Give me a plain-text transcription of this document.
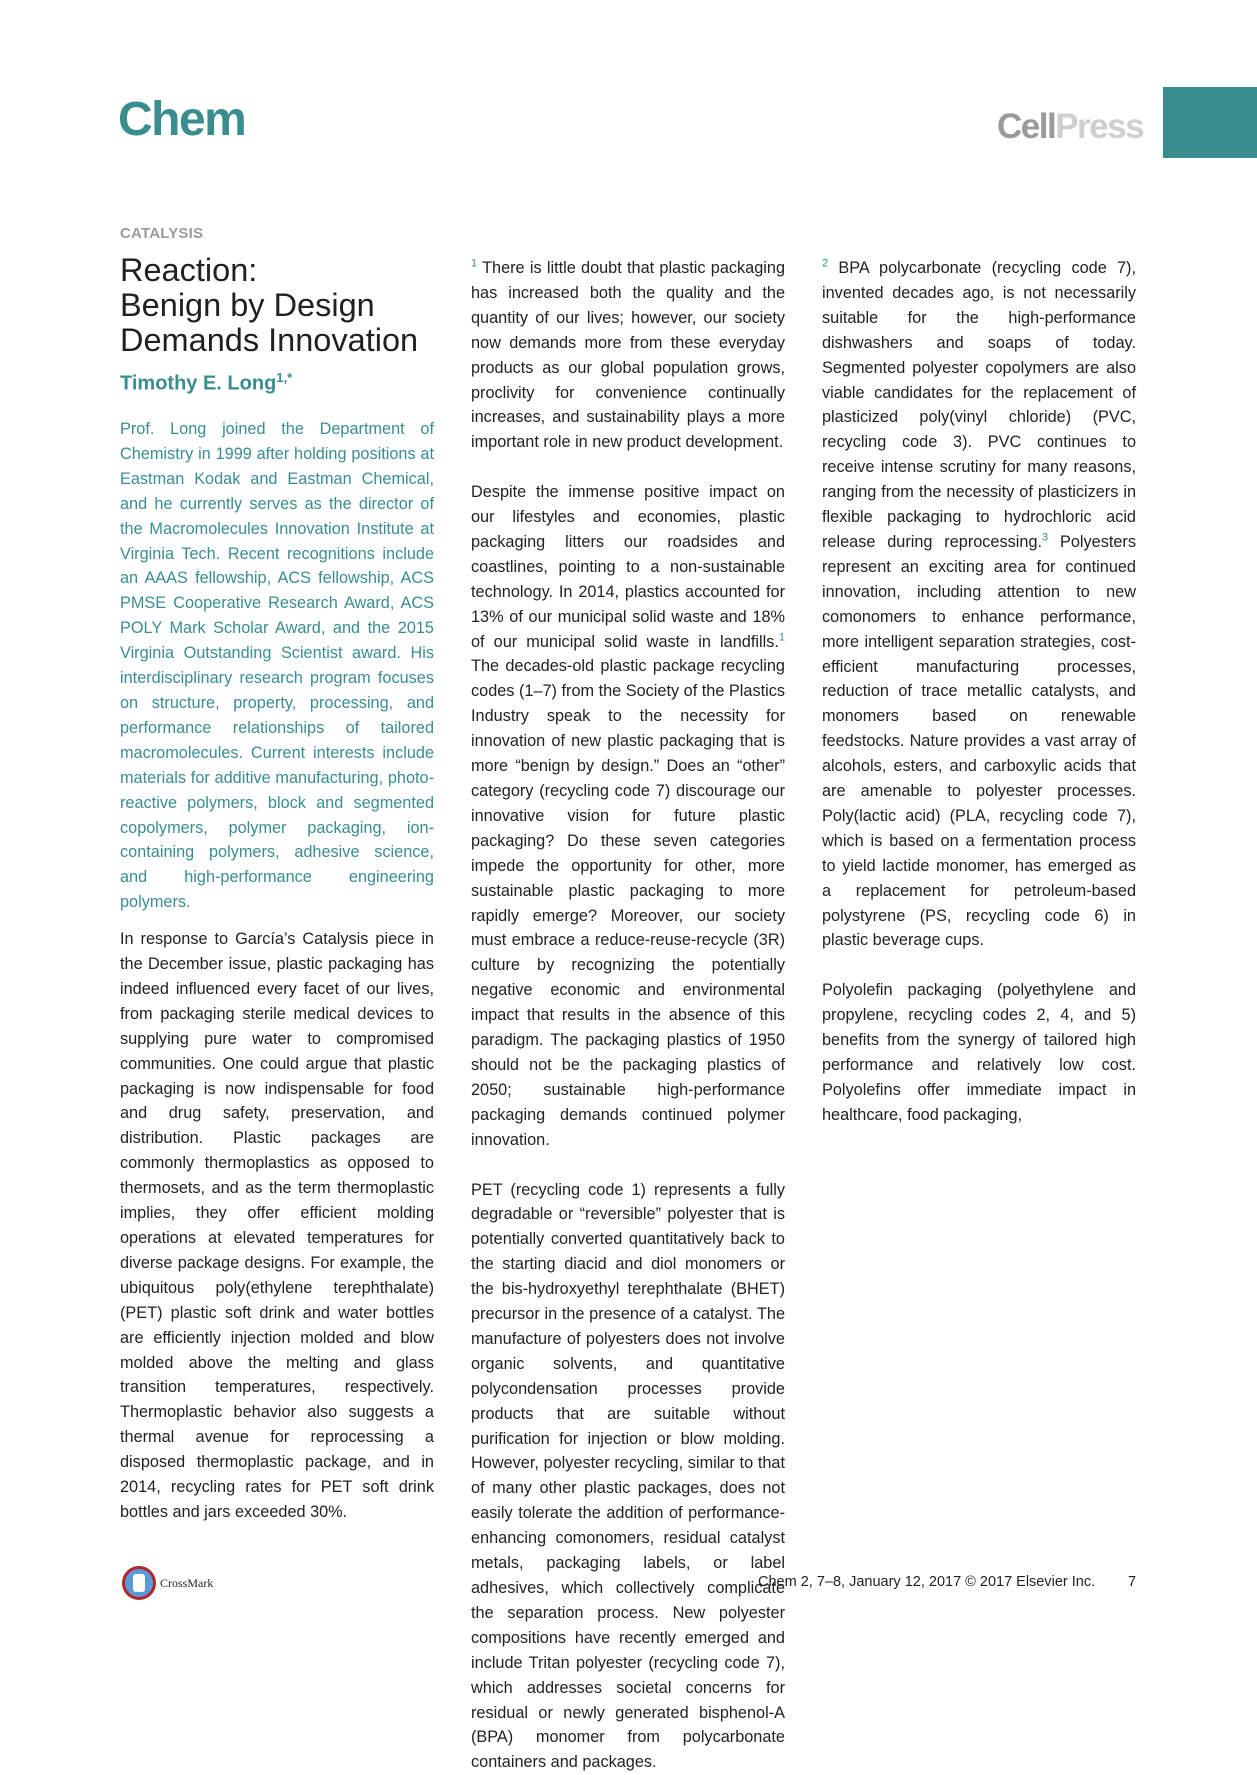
Chem	CellPress
CATALYSIS
Reaction:
Benign by Design
Demands Innovation
Timothy E. Long$^{1,*}$

Prof. Long joined the Department of Chemistry in 1999 after holding positions at Eastman Kodak and Eastman Chemical, and he currently serves as the director of the Macromolecules Innovation Institute at Virginia Tech. Recent recognitions include an AAAS fellowship, ACS fellowship, ACS PMSE Cooperative Research Award, ACS POLY Mark Scholar Award, and the 2015 Virginia Outstanding Scientist award. His interdisciplinary research program focuses on structure, property, processing, and performance relationships of tailored macromolecules. Current interests include materials for additive manufacturing, photo-reactive polymers, block and segmented copolymers, polymer packaging, ion-containing polymers, adhesive science, and high-performance engineering polymers.

In response to García’s Catalysis piece in the December issue, plastic packaging has indeed influenced every facet of our lives, from packaging sterile medical devices to supplying pure water to compromised communities. One could argue that plastic packaging is now indispensable for food and drug safety, preservation, and distribution. Plastic packages are commonly thermoplastics as opposed to thermosets, and as the term thermoplastic implies, they offer efficient molding operations at elevated temperatures for diverse package designs. For example, the ubiquitous poly(ethylene terephthalate) (PET) plastic soft drink and water bottles are efficiently injection molded and blow molded above the melting and glass transition temperatures, respectively. Thermoplastic behavior also suggests a thermal avenue for reprocessing a disposed thermoplastic package, and in 2014, recycling rates for PET soft drink bottles and jars exceeded 30%.

$^1$ There is little doubt that plastic packaging has increased both the quality and the quantity of our lives; however, our society now demands more from these everyday products as our global population grows, proclivity for convenience continually increases, and sustainability plays a more important role in new product development.

Despite the immense positive impact on our lifestyles and economies, plastic packaging litters our roadsides and coastlines, pointing to a non-sustainable technology. In 2014, plastics accounted for 13% of our municipal solid waste and 18% of our municipal solid waste in landfills.$^1$ The decades-old plastic package recycling codes (1–7) from the Society of the Plastics Industry speak to the necessity for innovation of new plastic packaging that is more “benign by design.” Does an “other” category (recycling code 7) discourage our innovative vision for future plastic packaging? Do these seven categories impede the opportunity for other, more sustainable plastic packaging to more rapidly emerge? Moreover, our society must embrace a reduce-reuse-recycle (3R) culture by recognizing the potentially negative economic and environmental impact that results in the absence of this paradigm. The packaging plastics of 1950 should not be the packaging plastics of 2050; sustainable high-performance packaging demands continued polymer innovation.

PET (recycling code 1) represents a fully degradable or “reversible” polyester that is potentially converted quantitatively back to the starting diacid and diol monomers or the bis-hydroxyethyl terephthalate (BHET) precursor in the presence of a catalyst. The manufacture of polyesters does not involve organic solvents, and quantitative polycondensation processes provide products that are suitable without purification for injection or blow molding. However, polyester recycling, similar to that of many other plastic packages, does not easily tolerate the addition of performance-enhancing comonomers, residual catalyst metals, packaging labels, or label adhesives, which collectively complicate the separation process. New polyester compositions have recently emerged and include Tritan polyester (recycling code 7), which addresses societal concerns for residual or newly generated bisphenol-A (BPA) monomer from polycarbonate containers and packages.

$^2$ BPA polycarbonate (recycling code 7), invented decades ago, is not necessarily suitable for the high-performance dishwashers and soaps of today. Segmented polyester copolymers are also viable candidates for the replacement of plasticized poly(vinyl chloride) (PVC, recycling code 3). PVC continues to receive intense scrutiny for many reasons, ranging from the necessity of plasticizers in flexible packaging to hydrochloric acid release during reprocessing.$^3$ Polyesters represent an exciting area for continued innovation, including attention to new comonomers to enhance performance, more intelligent separation strategies, cost-efficient manufacturing processes, reduction of trace metallic catalysts, and monomers based on renewable feedstocks. Nature provides a vast array of alcohols, esters, and carboxylic acids that are amenable to polyester processes. Poly(lactic acid) (PLA, recycling code 7), which is based on a fermentation process to yield lactide monomer, has emerged as a replacement for petroleum-based polystyrene (PS, recycling code 6) in plastic beverage cups.

Polyolefin packaging (polyethylene and propylene, recycling codes 2, 4, and 5) benefits from the synergy of tailored high performance and relatively low cost. Polyolefins offer immediate impact in healthcare, food packaging,

CrossMark	Chem 2, 7–8, January 12, 2017 © 2017 Elsevier Inc. 7
